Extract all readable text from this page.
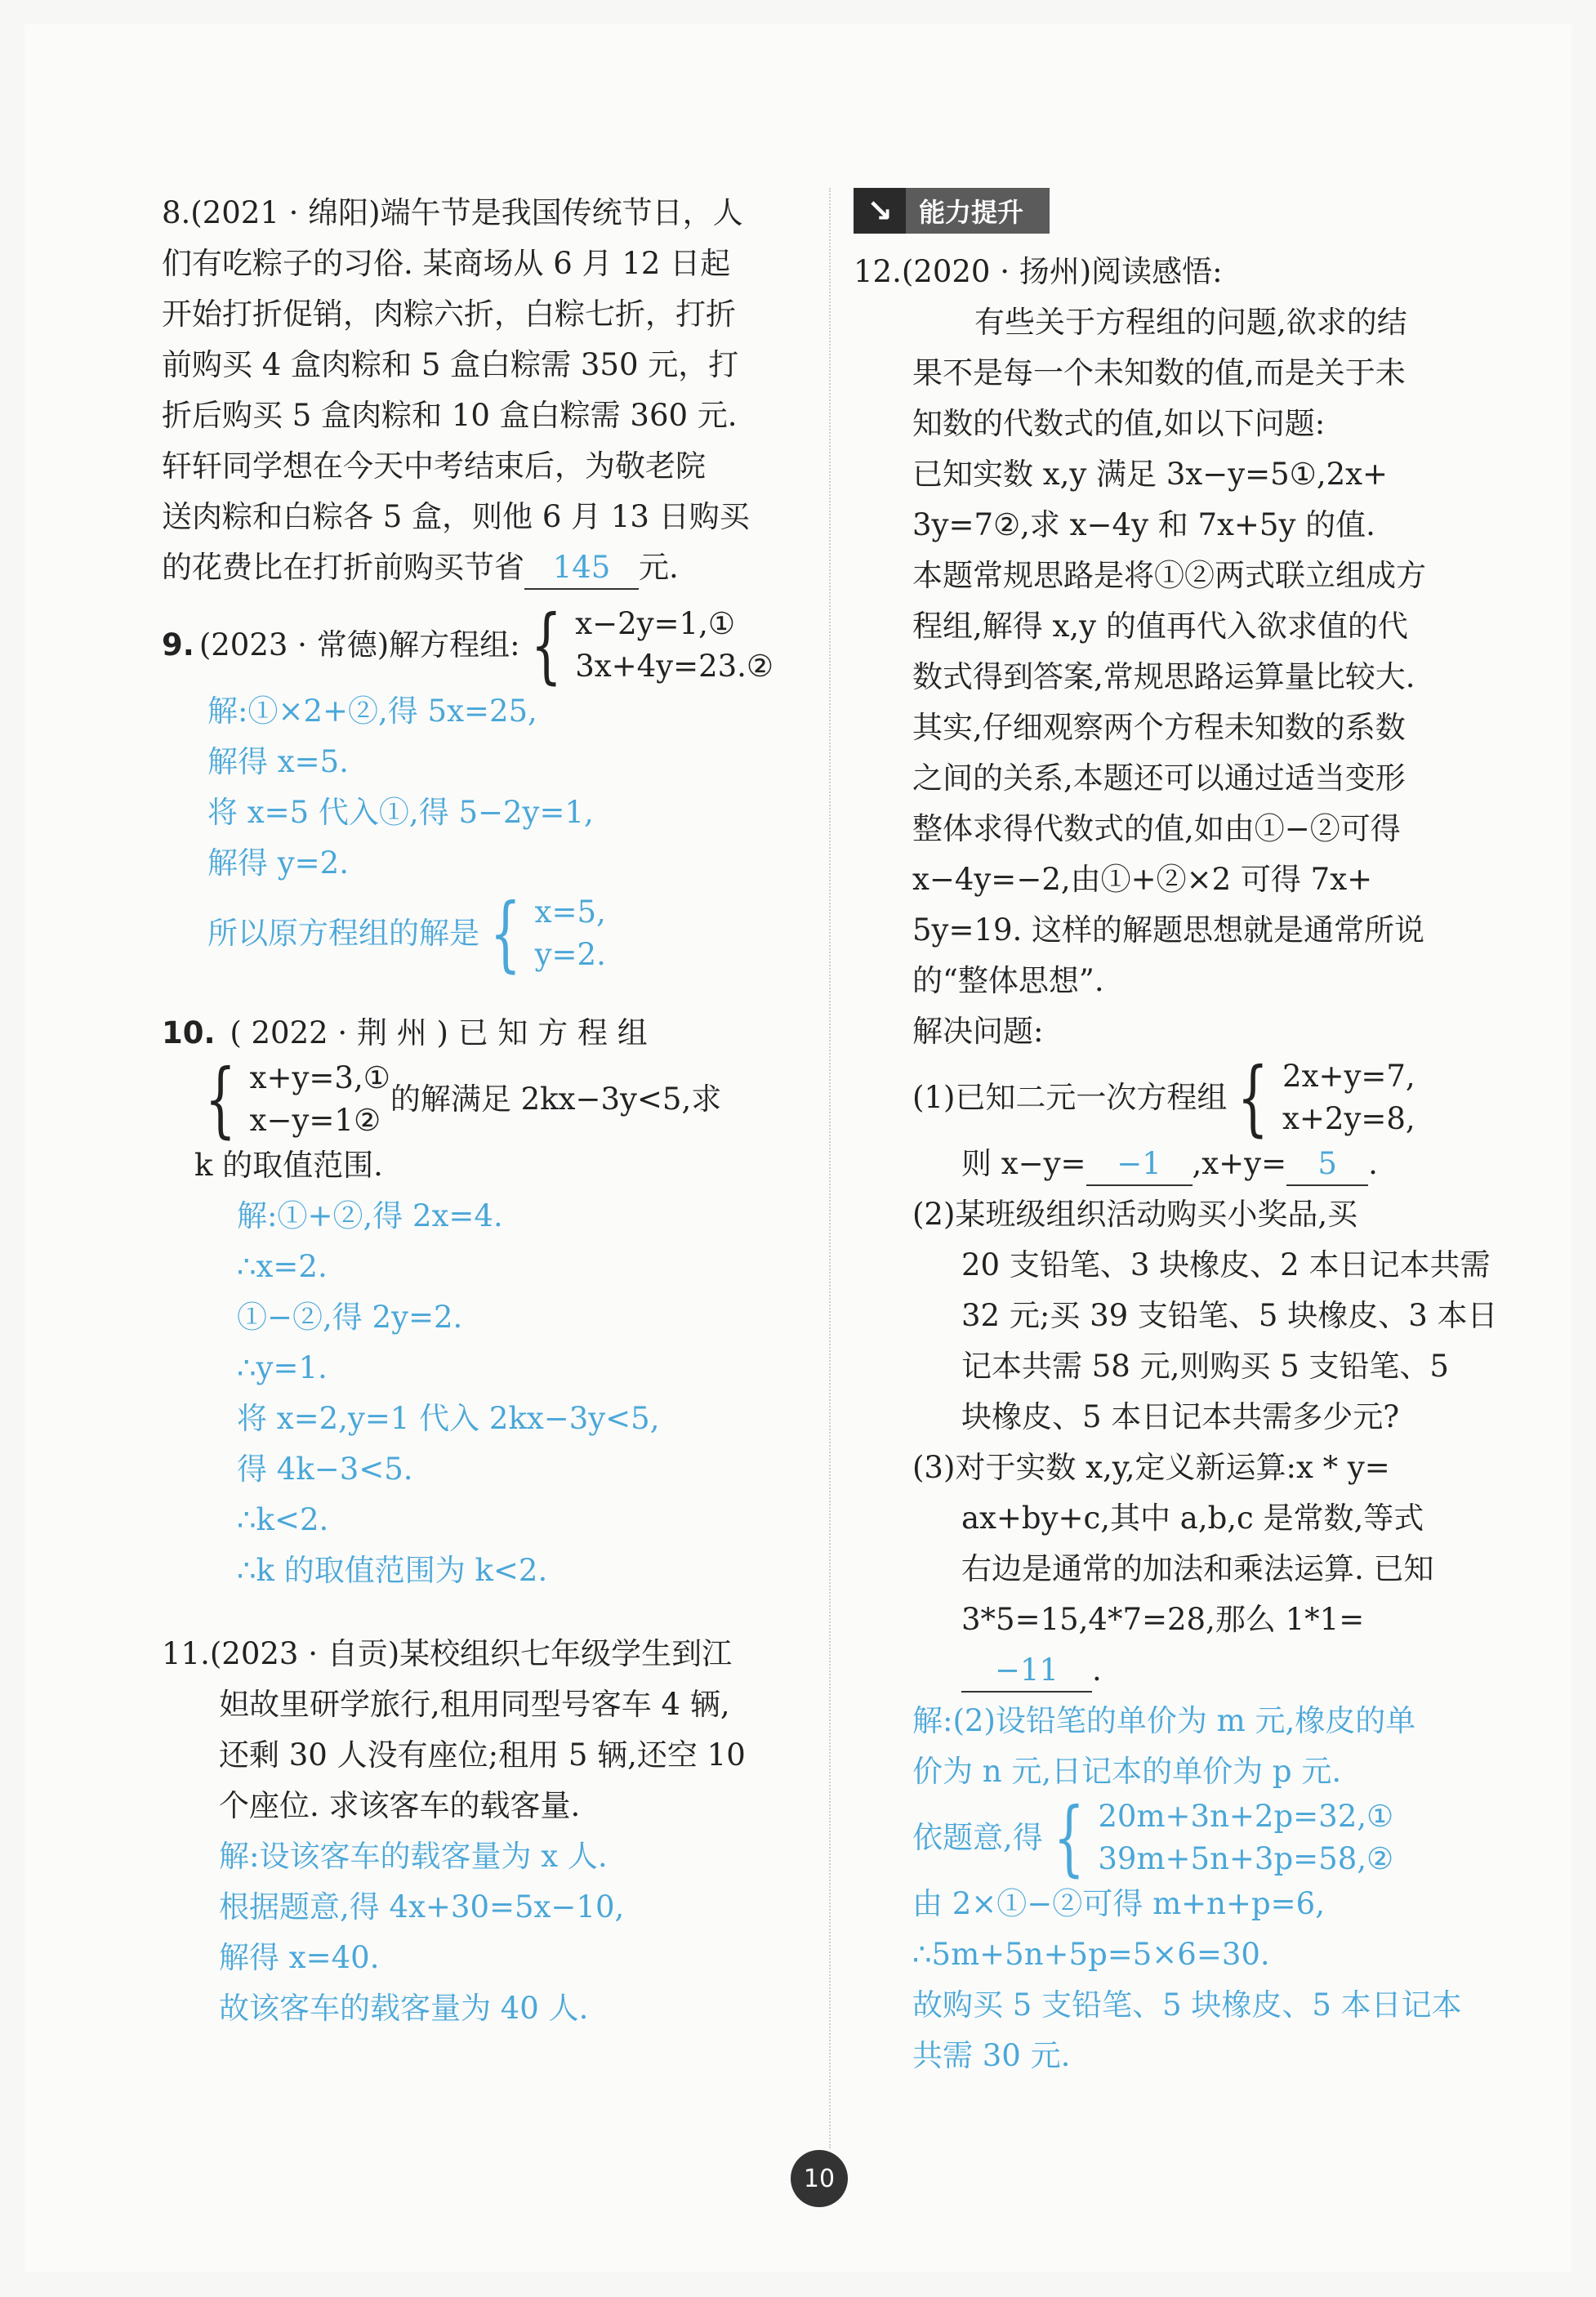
8.(2021 · 绵阳)端午节是我国传统节日，人
们有吃粽子的习俗. 某商场从 6 月 12 日起
开始打折促销，肉粽六折，白粽七折，打折
前购买 4 盒肉粽和 5 盒白粽需 350 元，打
折后购买 5 盒肉粽和 10 盒白粽需 360 元.
轩轩同学想在今天中考结束后，为敬老院
送肉粽和白粽各 5 盒，则他 6 月 13 日购买
的花费比在打折前购买节省 145 元.
9. (2023 · 常德)解方程组: { x−2y=1,①
3x+4y=23.②
解:①×2+②,得 5x=25,
解得 x=5.
将 x=5 代入①,得 5−2y=1,
解得 y=2.
所以原方程组的解是 { x=5,
y=2.
10. ( 2022 · 荆 州 ) 已 知 方 程 组
{ x+y=3,①
x−y=1②
的解满足 2kx−3y<5,求
k 的取值范围.
解:①+②,得 2x=4.
∴x=2.
①−②,得 2y=2.
∴y=1.
将 x=2,y=1 代入 2kx−3y<5,
得 4k−3<5.
∴k<2.
∴k 的取值范围为 k<2.
11.(2023 · 自贡)某校组织七年级学生到江
妲故里研学旅行,租用同型号客车 4 辆,
还剩 30 人没有座位;租用 5 辆,还空 10
个座位. 求该客车的载客量.
解:设该客车的载客量为 x 人.
根据题意,得 4x+30=5x−10,
解得 x=40.
故该客车的载客量为 40 人.
↘	能力提升
12.(2020 · 扬州)阅读感悟:
有些关于方程组的问题,欲求的结
果不是每一个未知数的值,而是关于未
知数的代数式的值,如以下问题:
已知实数 x,y 满足 3x−y=5①,2x+
3y=7②,求 x−4y 和 7x+5y 的值.
本题常规思路是将①②两式联立组成方
程组,解得 x,y 的值再代入欲求值的代
数式得到答案,常规思路运算量比较大.
其实,仔细观察两个方程未知数的系数
之间的关系,本题还可以通过适当变形
整体求得代数式的值,如由①−②可得
x−4y=−2,由①+②×2 可得 7x+
5y=19. 这样的解题思想就是通常所说
的“整体思想”.
解决问题:
(1)已知二元一次方程组 { 2x+y=7,
x+2y=8,
则 x−y= −1 ,x+y= 5 .
(2)某班级组织活动购买小奖品,买
20 支铅笔、3 块橡皮、2 本日记本共需
32 元;买 39 支铅笔、5 块橡皮、3 本日
记本共需 58 元,则购买 5 支铅笔、5
块橡皮、5 本日记本共需多少元?
(3)对于实数 x,y,定义新运算:x * y=
ax+by+c,其中 a,b,c 是常数,等式
右边是通常的加法和乘法运算. 已知
3*5=15,4*7=28,那么 1*1=
−11 .
解:(2)设铅笔的单价为 m 元,橡皮的单
价为 n 元,日记本的单价为 p 元.
依题意,得 { 20m+3n+2p=32,①
39m+5n+3p=58,②
由 2×①−②可得 m+n+p=6,
∴5m+5n+5p=5×6=30.
故购买 5 支铅笔、5 块橡皮、5 本日记本
共需 30 元.
10
